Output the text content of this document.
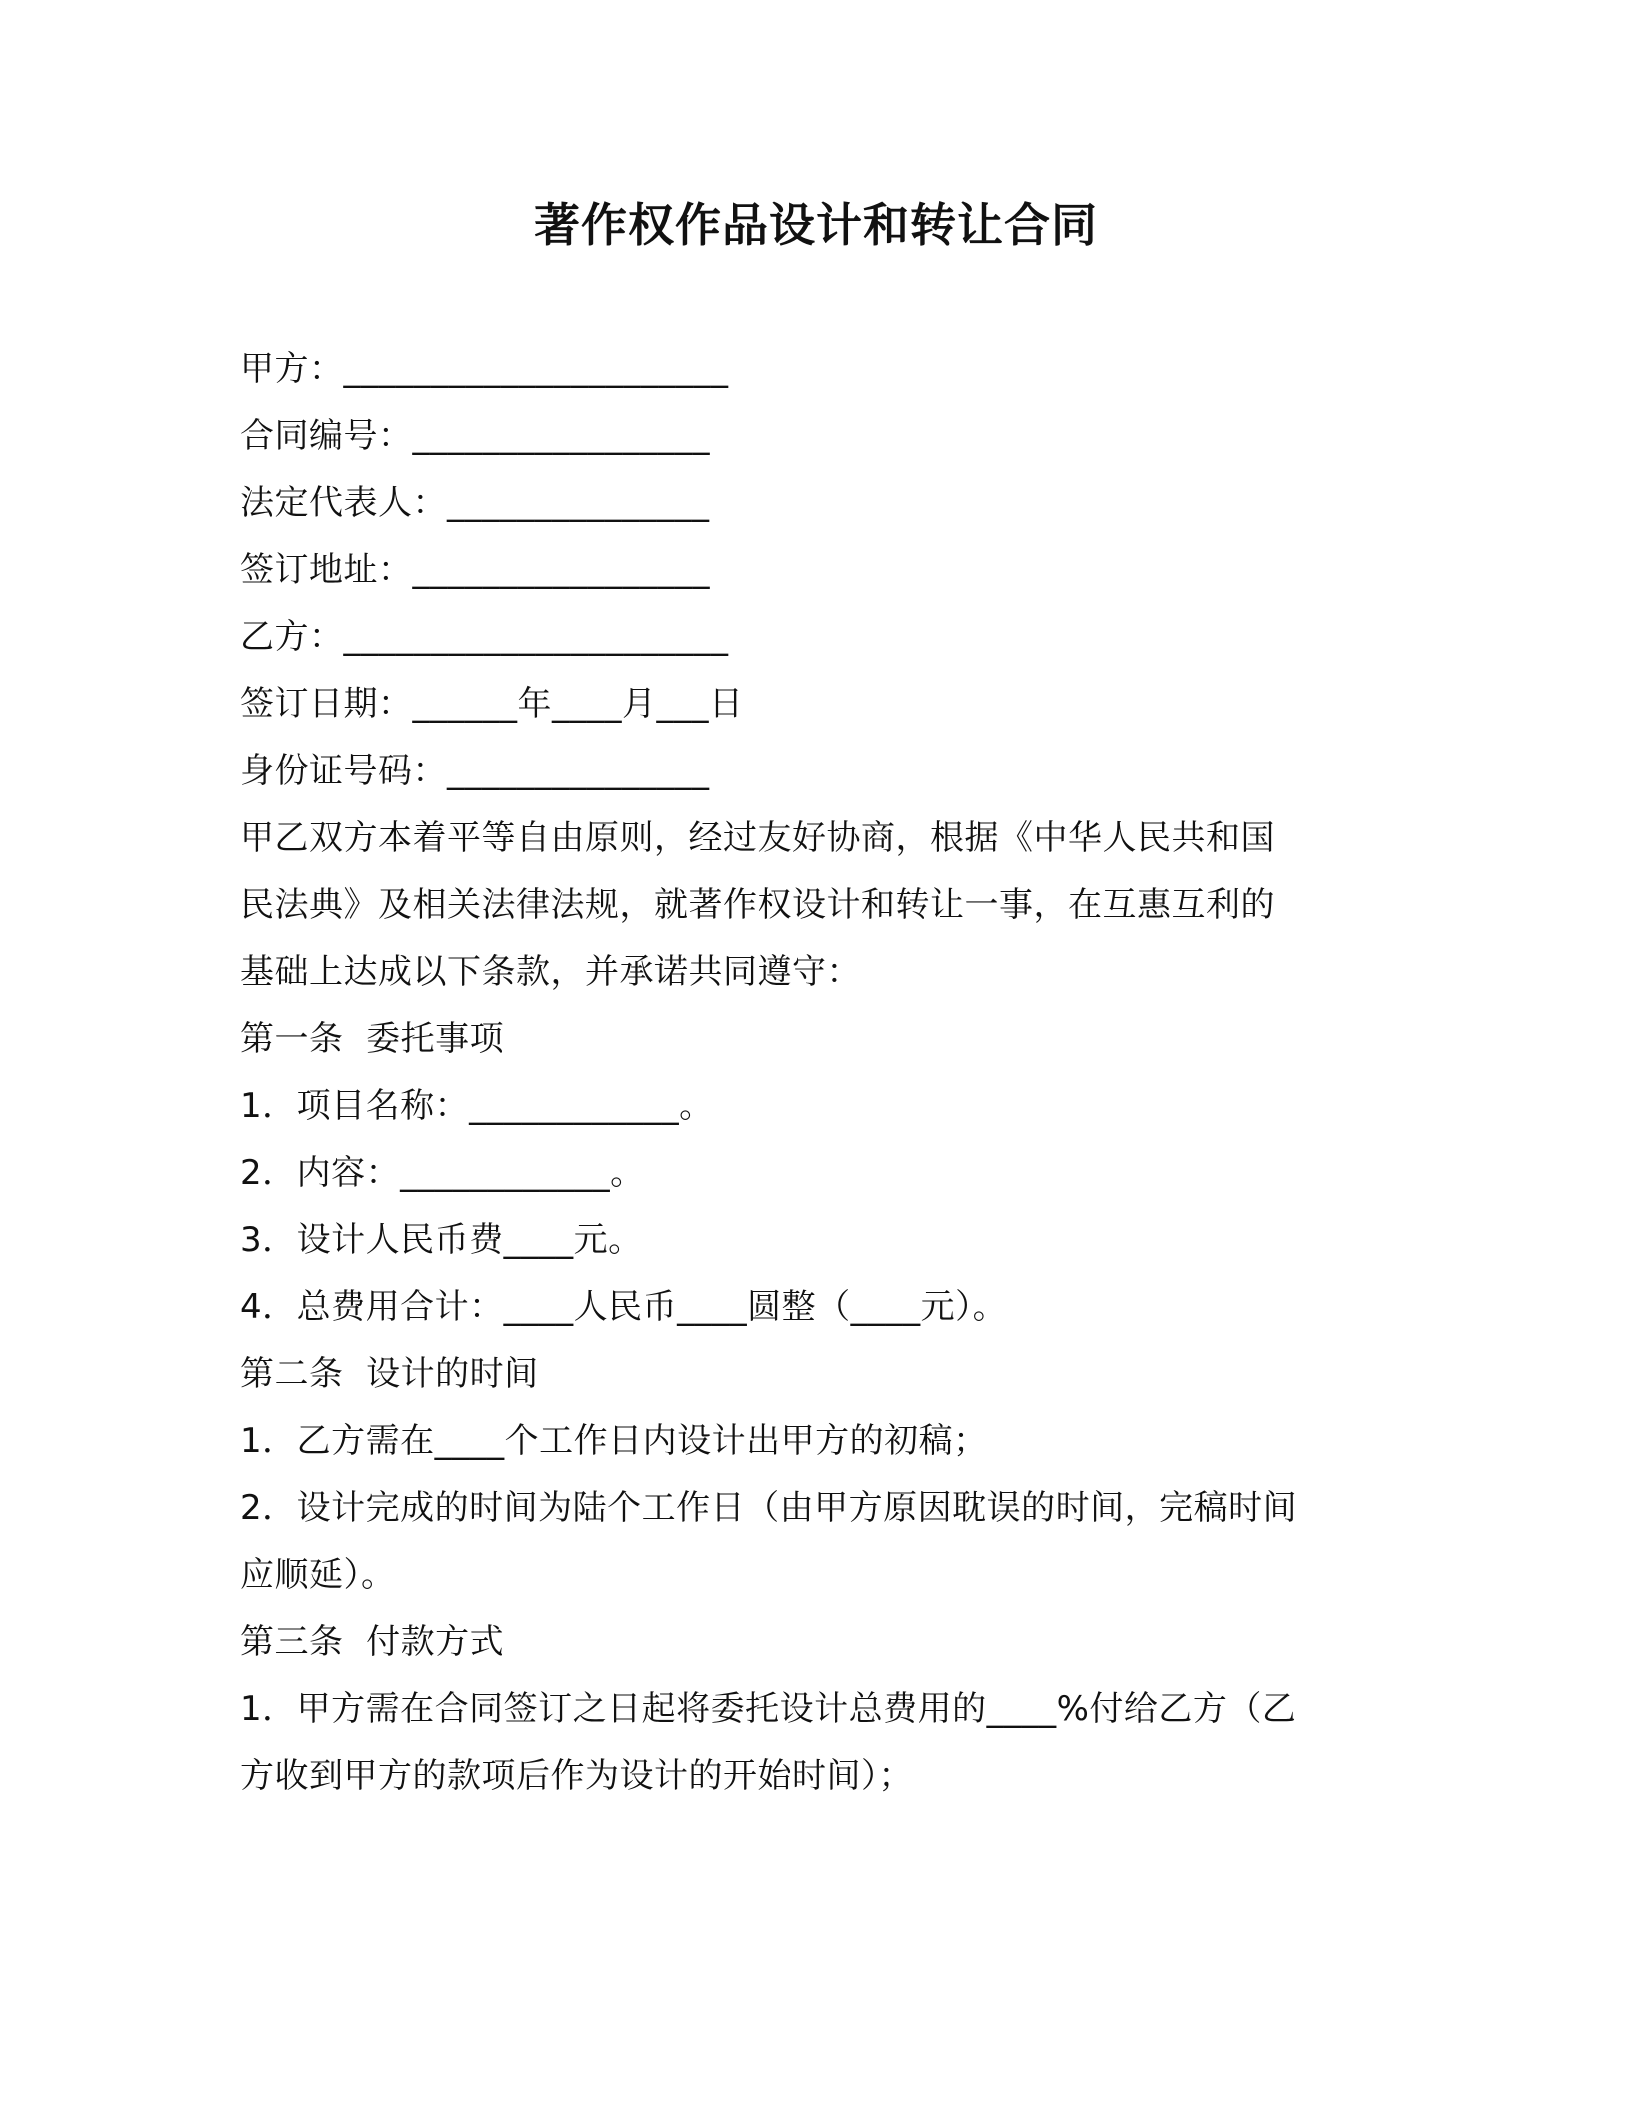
著作权作品设计和转让合同
甲方：______________________
合同编号：_________________
法定代表人：_______________
签订地址：_________________
乙方：______________________
签订日期：______年____月___日
身份证号码：_______________
甲乙双方本着平等自由原则，经过友好协商，根据《中华人民共和国
民法典》及相关法律法规，就著作权设计和转让一事，在互惠互利的
基础上达成以下条款，并承诺共同遵守：
第一条  委托事项
1．项目名称：____________。
2．内容：____________。
3．设计人民币费____元。
4．总费用合计：____人民币____圆整（____元）。
第二条  设计的时间
1．乙方需在____个工作日内设计出甲方的初稿；
2．设计完成的时间为陆个工作日（由甲方原因耽误的时间，完稿时间
应顺延）。
第三条  付款方式
1．甲方需在合同签订之日起将委托设计总费用的____%付给乙方（乙
方收到甲方的款项后作为设计的开始时间）；
